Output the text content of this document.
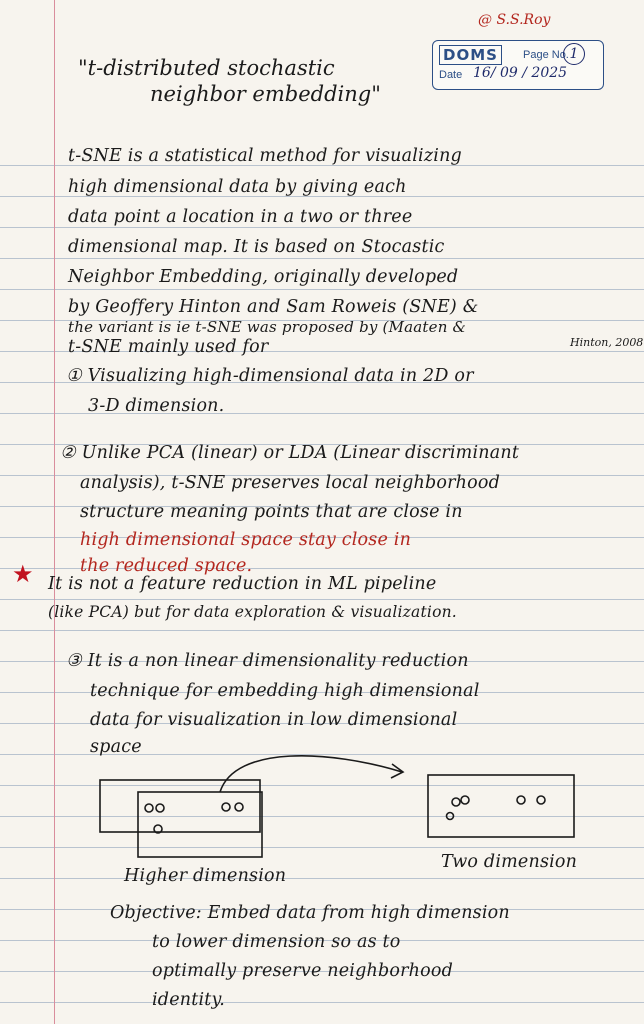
@ S.S.Roy
DOMS	Page No. 1
Date 16/ 09 / 2025
"t-distributed stochastic
neighbor embedding"
t-SNE is a statistical method for visualizing
high dimensional data by giving each
data point a location in a two or three
dimensional map. It is based on Stocastic
Neighbor Embedding, originally developed
by Geoffery Hinton and Sam Roweis (SNE) &
the variant is ie t-SNE was proposed by (Maaten &
Hinton, 2008
t-SNE mainly used for
① Visualizing high-dimensional data in 2D or
3-D dimension.
② Unlike PCA (linear) or LDA (Linear discriminant
analysis), t-SNE preserves local neighborhood
structure meaning points that are close in
high dimensional space stay close in
the reduced space.
★ It is not a feature reduction in ML pipeline
(like PCA) but for data exploration & visualization.
③ It is a non linear dimensionality reduction
technique for embedding high dimensional
data for visualization in low dimensional
space
Higher dimension
Two dimension
Objective: Embed data from high dimension
to lower dimension so as to
optimally preserve neighborhood
identity.
